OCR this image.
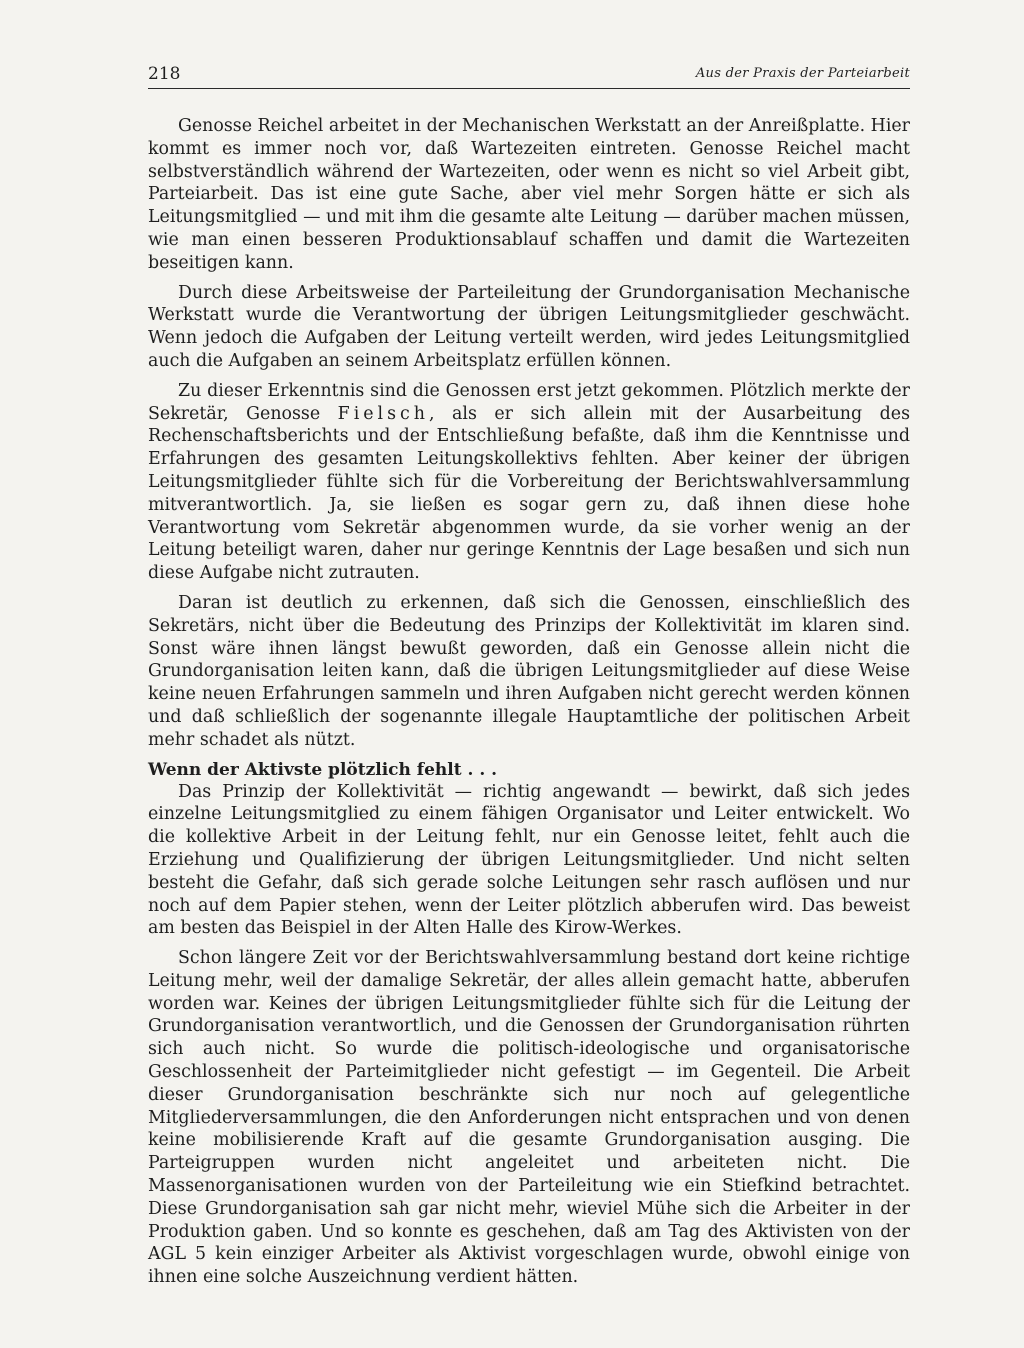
218	Aus der Praxis der Parteiarbeit

Genosse Reichel arbeitet in der Mechanischen Werkstatt an der Anreißplatte. Hier kommt es immer noch vor, daß Wartezeiten eintreten. Genosse Reichel macht selbstverständlich während der Wartezeiten, oder wenn es nicht so viel Arbeit gibt, Parteiarbeit. Das ist eine gute Sache, aber viel mehr Sorgen hätte er sich als Leitungsmitglied — und mit ihm die gesamte alte Leitung — darüber machen müssen, wie man einen besseren Produktionsablauf schaffen und damit die Wartezeiten beseitigen kann.

Durch diese Arbeitsweise der Parteileitung der Grundorganisation Mechanische Werkstatt wurde die Verantwortung der übrigen Leitungsmitglieder geschwächt. Wenn jedoch die Aufgaben der Leitung verteilt werden, wird jedes Leitungsmitglied auch die Aufgaben an seinem Arbeitsplatz erfüllen können.

Zu dieser Erkenntnis sind die Genossen erst jetzt gekommen. Plötzlich merkte der Sekretär, Genosse Fielsch, als er sich allein mit der Ausarbeitung des Rechenschaftsberichts und der Entschließung befaßte, daß ihm die Kenntnisse und Erfahrungen des gesamten Leitungskollektivs fehlten. Aber keiner der übrigen Leitungsmitglieder fühlte sich für die Vorbereitung der Berichtswahlversammlung mitverantwortlich. Ja, sie ließen es sogar gern zu, daß ihnen diese hohe Verantwortung vom Sekretär abgenommen wurde, da sie vorher wenig an der Leitung beteiligt waren, daher nur geringe Kenntnis der Lage besaßen und sich nun diese Aufgabe nicht zutrauten.

Daran ist deutlich zu erkennen, daß sich die Genossen, einschließlich des Sekretärs, nicht über die Bedeutung des Prinzips der Kollektivität im klaren sind. Sonst wäre ihnen längst bewußt geworden, daß ein Genosse allein nicht die Grundorganisation leiten kann, daß die übrigen Leitungsmitglieder auf diese Weise keine neuen Erfahrungen sammeln und ihren Aufgaben nicht gerecht werden können und daß schließlich der sogenannte illegale Hauptamtliche der politischen Arbeit mehr schadet als nützt.

Wenn der Aktivste plötzlich fehlt . . .

Das Prinzip der Kollektivität — richtig angewandt — bewirkt, daß sich jedes einzelne Leitungsmitglied zu einem fähigen Organisator und Leiter entwickelt. Wo die kollektive Arbeit in der Leitung fehlt, nur ein Genosse leitet, fehlt auch die Erziehung und Qualifizierung der übrigen Leitungsmitglieder. Und nicht selten besteht die Gefahr, daß sich gerade solche Leitungen sehr rasch auflösen und nur noch auf dem Papier stehen, wenn der Leiter plötzlich abberufen wird. Das beweist am besten das Beispiel in der Alten Halle des Kirow-Werkes.

Schon längere Zeit vor der Berichtswahlversammlung bestand dort keine richtige Leitung mehr, weil der damalige Sekretär, der alles allein gemacht hatte, abberufen worden war. Keines der übrigen Leitungsmitglieder fühlte sich für die Leitung der Grundorganisation verantwortlich, und die Genossen der Grundorganisation rührten sich auch nicht. So wurde die politisch-ideologische und organisatorische Geschlossenheit der Parteimitglieder nicht gefestigt — im Gegenteil. Die Arbeit dieser Grundorganisation beschränkte sich nur noch auf gelegentliche Mitgliederversammlungen, die den Anforderungen nicht entsprachen und von denen keine mobilisierende Kraft auf die gesamte Grundorganisation ausging. Die Parteigruppen wurden nicht angeleitet und arbeiteten nicht. Die Massenorganisationen wurden von der Parteileitung wie ein Stiefkind betrachtet. Diese Grundorganisation sah gar nicht mehr, wieviel Mühe sich die Arbeiter in der Produktion gaben. Und so konnte es geschehen, daß am Tag des Aktivisten von der AGL 5 kein einziger Arbeiter als Aktivist vorgeschlagen wurde, obwohl einige von ihnen eine solche Auszeichnung verdient hätten.
